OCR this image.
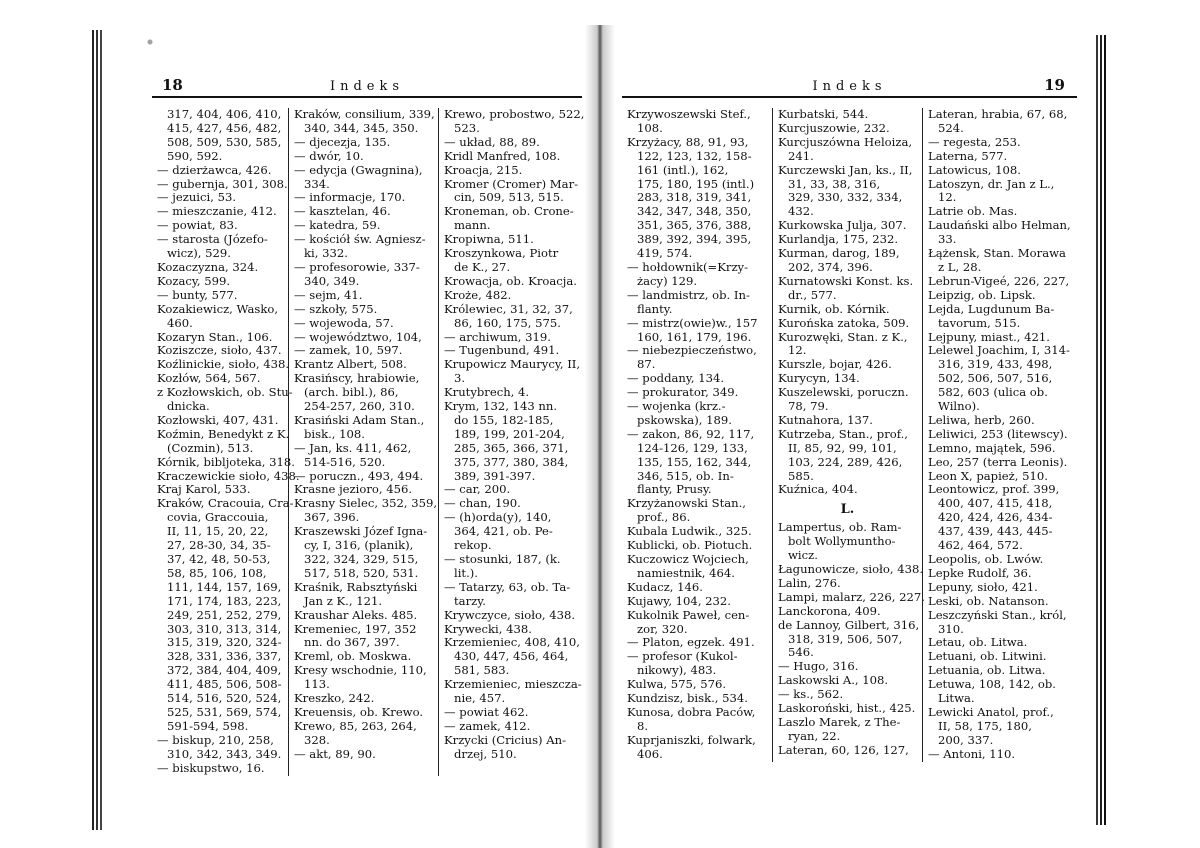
18	Indeks
317, 404, 406, 410,
415, 427, 456, 482,
508, 509, 530, 585,
590, 592.
— dzierżawca, 426.
— gubernja, 301, 308.
— jezuici, 53.
— mieszczanie, 412.
— powiat, 83.
— starosta (Józefo-
wicz), 529.
Kozaczyzna, 324.
Kozacy, 599.
— bunty, 577.
Kozakiewicz, Wasko,
460.
Kozaryn Stan., 106.
Koziszcze, sioło, 437.
Koźlinickie, sioło, 438.
Kozłów, 564, 567.
z Kozłowskich, ob. Stu-
dnicka.
Kozłowski, 407, 431.
Koźmin, Benedykt z K.
(Cozmin), 513.
Kórnik, bibljoteka, 318.
Kraczewickie sioło, 438.
Kraj Karol, 533.
Kraków, Cracouia, Cra-
covia, Graccouia,
II, 11, 15, 20, 22,
27, 28-30, 34, 35-
37, 42, 48, 50-53,
58, 85, 106, 108,
111, 144, 157, 169,
171, 174, 183, 223,
249, 251, 252, 279,
303, 310, 313, 314,
315, 319, 320, 324-
328, 331, 336, 337,
372, 384, 404, 409,
411, 485, 506, 508-
514, 516, 520, 524,
525, 531, 569, 574,
591-594, 598.
— biskup, 210, 258,
310, 342, 343, 349.
— biskupstwo, 16.
Kraków, consilium, 339,
340, 344, 345, 350.
— djecezja, 135.
— dwór, 10.
— edycja (Gwagnina),
334.
— informacje, 170.
— kasztelan, 46.
— katedra, 59.
— kościół św. Agniesz-
ki, 332.
— profesorowie, 337-
340, 349.
— sejm, 41.
— szkoły, 575.
— wojewoda, 57.
— województwo, 104,
— zamek, 10, 597.
Krantz Albert, 508.
Krasińscy, hrabiowie,
(arch. bibl.), 86,
254-257, 260, 310.
Krasiński Adam Stan.,
bisk., 108.
— Jan, ks. 411, 462,
514-516, 520.
— poruczn., 493, 494.
Krasne jezioro, 456.
Krasny Sielec, 352, 359,
367, 396.
Kraszewski Józef Igna-
cy, I, 316, (planik),
322, 324, 329, 515,
517, 518, 520, 531.
Kraśnik, Rabsztyński
Jan z K., 121.
Kraushar Aleks. 485.
Kremeniec, 197, 352
nn. do 367, 397.
Kreml, ob. Moskwa.
Kresy wschodnie, 110,
113.
Kreszko, 242.
Kreuensis, ob. Krewo.
Krewo, 85, 263, 264,
328.
— akt, 89, 90.
Krewo, probostwo, 522,
523.
— układ, 88, 89.
Kridl Manfred, 108.
Kroacja, 215.
Kromer (Cromer) Mar-
cin, 509, 513, 515.
Kroneman, ob. Crone-
mann.
Kropiwna, 511.
Kroszynkowa, Piotr
de K., 27.
Krowacja, ob. Kroacja.
Krożе, 482.
Królewiec, 31, 32, 37,
86, 160, 175, 575.
— archiwum, 319.
— Tugenbund, 491.
Krupowicz Maurycy, II,
3.
Krutybrech, 4.
Krym, 132, 143 nn.
do 155, 182-185,
189, 199, 201-204,
285, 365, 366, 371,
375, 377, 380, 384,
389, 391-397.
— car, 200.
— chan, 190.
— (h)orda(y), 140,
364, 421, ob. Pe-
rekop.
— stosunki, 187, (k.
lit.).
— Tatarzy, 63, ob. Ta-
tarzy.
Krywczyce, sioło, 438.
Krywecki, 438.
Krzemieniec, 408, 410,
430, 447, 456, 464,
581, 583.
Krzemieniec, mieszcza-
nie, 457.
— powiat 462.
— zamek, 412.
Krzycki (Cricius) An-
drzej, 510.
Indeks	19
Krzywoszewski Stef.,
108.
Krzyżacy, 88, 91, 93,
122, 123, 132, 158-
161 (intl.), 162,
175, 180, 195 (intl.)
283, 318, 319, 341,
342, 347, 348, 350,
351, 365, 376, 388,
389, 392, 394, 395,
419, 574.
— hołdownik(=Krzy-
żacy) 129.
— landmistrz, ob. In-
flanty.
— mistrz(owie)w., 157
160, 161, 179, 196.
— niebezpieczeństwo,
87.
— poddany, 134.
— prokurator, 349.
— wojenka (krz.-
pskowska), 189.
— zakon, 86, 92, 117,
124-126, 129, 133,
135, 155, 162, 344,
346, 515, ob. In-
flanty, Prusy.
Krzyżanowski Stan.,
prof., 86.
Kubala Ludwik., 325.
Kublicki, ob. Piotuch.
Kuczowicz Wojciech,
namiestnik, 464.
Kudacz, 146.
Kujawy, 104, 232.
Kukolnik Paweł, cen-
zor, 320.
— Platon, egzek. 491.
— profesor (Kukol-
nikowy), 483.
Kulwa, 575, 576.
Kundzisz, bisk., 534.
Kunosa, dobra Paców,
8.
Kuprjaniszki, folwark,
406.
Kurbatski, 544.
Kurcjuszowie, 232.
Kurcjuszówna Heloiza,
241.
Kurczewski Jan, ks., II,
31, 33, 38, 316,
329, 330, 332, 334,
432.
Kurkowska Julja, 307.
Kurlandja, 175, 232.
Kurman, darog, 189,
202, 374, 396.
Kurnatowski Konst. ks.
dr., 577.
Kurnik, ob. Kórnik.
Kurońska zatoka, 509.
Kurozwęki, Stan. z K.,
12.
Kurszle, bojar, 426.
Kurycyn, 134.
Kuszelewski, poruczn.
78, 79.
Kutnahora, 137.
Kutrzeba, Stan., prof.,
II, 85, 92, 99, 101,
103, 224, 289, 426,
585.
Kuźnica, 404.
L.
Lampertus, ob. Ram-
bolt Wollymuntho-
wicz.
Łagunowicze, sioło, 438.
Lalin, 276.
Lampi, malarz, 226, 227.
Lanckorona, 409.
de Lannoy, Gilbert, 316,
318, 319, 506, 507,
546.
— Hugo, 316.
Laskowski A., 108.
— ks., 562.
Laskoroński, hist., 425.
Laszlo Marek, z The-
ryan, 22.
Lateran, 60, 126, 127,
Lateran, hrabia, 67, 68,
524.
— regesta, 253.
Laterna, 577.
Latowicus, 108.
Latoszyn, dr. Jan z L.,
12.
Latrie ob. Mas.
Laudański albo Helman,
33.
Łążensk, Stan. Morawa
z L, 28.
Lebrun-Vigeé, 226, 227,
Leipzig, ob. Lipsk.
Lejda, Lugdunum Ba-
tavorum, 515.
Lejpuny, miast., 421.
Lelewel Joachim, I, 314-
316, 319, 433, 498,
502, 506, 507, 516,
582, 603 (ulica ob.
Wilno).
Leliwa, herb, 260.
Leliwici, 253 (litewscy).
Lemno, majątek, 596.
Leo, 257 (terra Leonis).
Leon X, papież, 510.
Leontowicz, prof. 399,
400, 407, 415, 418,
420, 424, 426, 434-
437, 439, 443, 445-
462, 464, 572.
Leopolis, ob. Lwów.
Lepke Rudolf, 36.
Lepuny, sioło, 421.
Leski, ob. Natanson.
Leszczyński Stan., król,
310.
Letau, ob. Litwa.
Letuani, ob. Litwini.
Letuania, ob. Litwa.
Letuwa, 108, 142, ob.
Litwa.
Lewicki Anatol, prof.,
II, 58, 175, 180,
200, 337.
— Antoni, 110.
